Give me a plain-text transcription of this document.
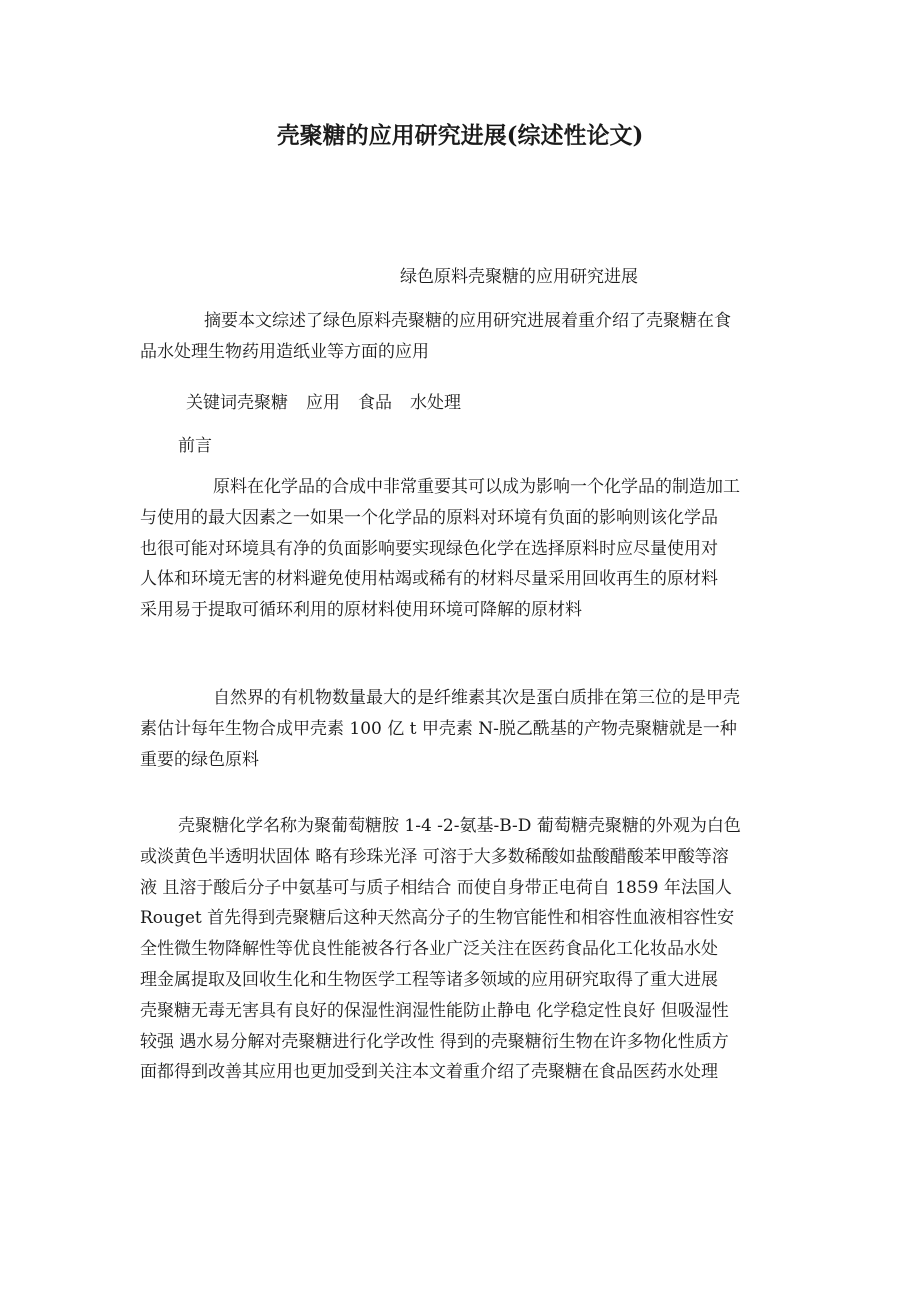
壳聚糖的应用研究进展(综述性论文)

绿色原料壳聚糖的应用研究进展

摘要本文综述了绿色原料壳聚糖的应用研究进展着重介绍了壳聚糖在食
品水处理生物药用造纸业等方面的应用
关键词壳聚糖 应用 食品 水处理
前言
原料在化学品的合成中非常重要其可以成为影响一个化学品的制造加工
与使用的最大因素之一如果一个化学品的原料对环境有负面的影响则该化学品
也很可能对环境具有净的负面影响要实现绿色化学在选择原料时应尽量使用对
人体和环境无害的材料避免使用枯竭或稀有的材料尽量采用回收再生的原材料
采用易于提取可循环利用的原材料使用环境可降解的原材料
自然界的有机物数量最大的是纤维素其次是蛋白质排在第三位的是甲壳
素估计每年生物合成甲壳素 100 亿 t 甲壳素 N-脱乙酰基的产物壳聚糖就是一种
重要的绿色原料
壳聚糖化学名称为聚葡萄糖胺 1-4 -2-氨基-B-D 葡萄糖壳聚糖的外观为白色
或淡黄色半透明状固体 略有珍珠光泽 可溶于大多数稀酸如盐酸醋酸苯甲酸等溶
液 且溶于酸后分子中氨基可与质子相结合 而使自身带正电荷自 1859 年法国人
Rouget 首先得到壳聚糖后这种天然高分子的生物官能性和相容性血液相容性安
全性微生物降解性等优良性能被各行各业广泛关注在医药食品化工化妆品水处
理金属提取及回收生化和生物医学工程等诸多领域的应用研究取得了重大进展
壳聚糖无毒无害具有良好的保湿性润湿性能防止静电 化学稳定性良好 但吸湿性
较强 遇水易分解对壳聚糖进行化学改性 得到的壳聚糖衍生物在许多物化性质方
面都得到改善其应用也更加受到关注本文着重介绍了壳聚糖在食品医药水处理
